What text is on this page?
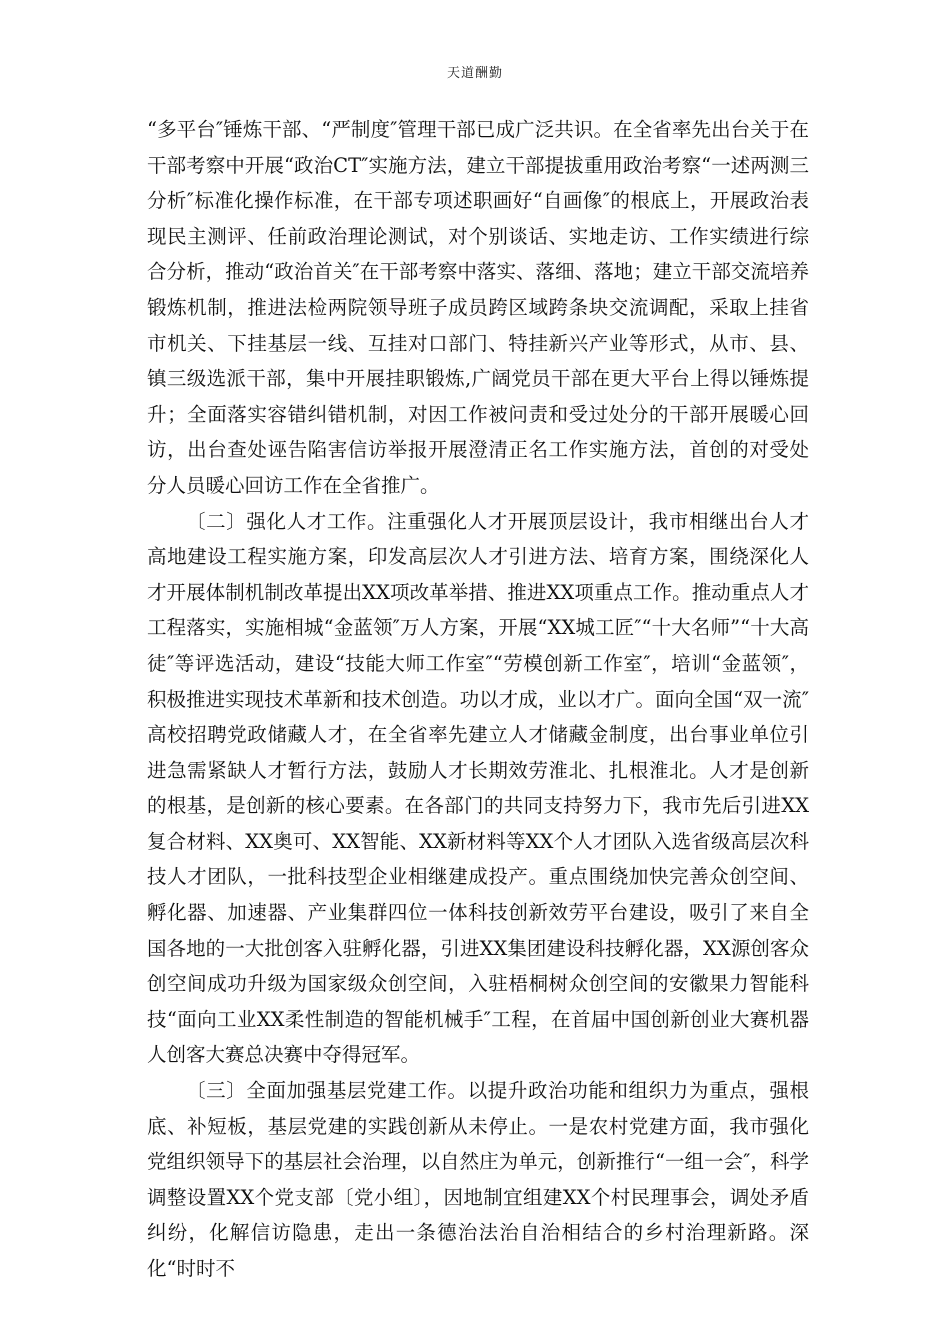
天道酬勤

“多平台″锤炼干部、“严制度″管理干部已成广泛共识。在全省率先出台关于在干部考察中开展“政治CT″实施方法，建立干部提拔重用政治考察“一述两测三分析″标准化操作标准，在干部专项述职画好“自画像″的根底上，开展政治表现民主测评、任前政治理论测试，对个别谈话、实地走访、工作实绩进行综合分析，推动“政治首关″在干部考察中落实、落细、落地；建立干部交流培养锻炼机制，推进法检两院领导班子成员跨区域跨条块交流调配，采取上挂省市机关、下挂基层一线、互挂对口部门、特挂新兴产业等形式，从市、县、镇三级选派干部，集中开展挂职锻炼,广阔党员干部在更大平台上得以锤炼提升；全面落实容错纠错机制，对因工作被问责和受过处分的干部开展暖心回访，出台查处诬告陷害信访举报开展澄清正名工作实施方法，首创的对受处分人员暖心回访工作在全省推广。

〔二〕强化人才工作。注重强化人才开展顶层设计，我市相继出台人才高地建设工程实施方案，印发高层次人才引进方法、培育方案，围绕深化人才开展体制机制改革提出XX项改革举措、推进XX项重点工作。推动重点人才工程落实，实施相城“金蓝领″万人方案，开展“XX城工匠″“十大名师”“十大高徒″等评选活动，建设“技能大师工作室″“劳模创新工作室″，培训“金蓝领″，积极推进实现技术革新和技术创造。功以才成，业以才广。面向全国“双一流″高校招聘党政储藏人才，在全省率先建立人才储藏金制度，出台事业单位引进急需紧缺人才暂行方法，鼓励人才长期效劳淮北、扎根淮北。人才是创新的根基，是创新的核心要素。在各部门的共同支持努力下，我市先后引进XX复合材料、XX奥可、XX智能、XX新材料等XX个人才团队入选省级高层次科技人才团队，一批科技型企业相继建成投产。重点围绕加快完善众创空间、孵化器、加速器、产业集群四位一体科技创新效劳平台建设，吸引了来自全国各地的一大批创客入驻孵化器，引进XX集团建设科技孵化器，XX源创客众创空间成功升级为国家级众创空间，入驻梧桐树众创空间的安徽果力智能科技“面向工业XX柔性制造的智能机械手″工程，在首届中国创新创业大赛机器人创客大赛总决赛中夺得冠军。

〔三〕全面加强基层党建工作。以提升政治功能和组织力为重点，强根底、补短板，基层党建的实践创新从未停止。一是农村党建方面，我市强化党组织领导下的基层社会治理，以自然庄为单元，创新推行“一组一会″，科学调整设置XX个党支部〔党小组〕，因地制宜组建XX个村民理事会，调处矛盾纠纷，化解信访隐患，走出一条德治法治自治相结合的乡村治理新路。深化“时时不
